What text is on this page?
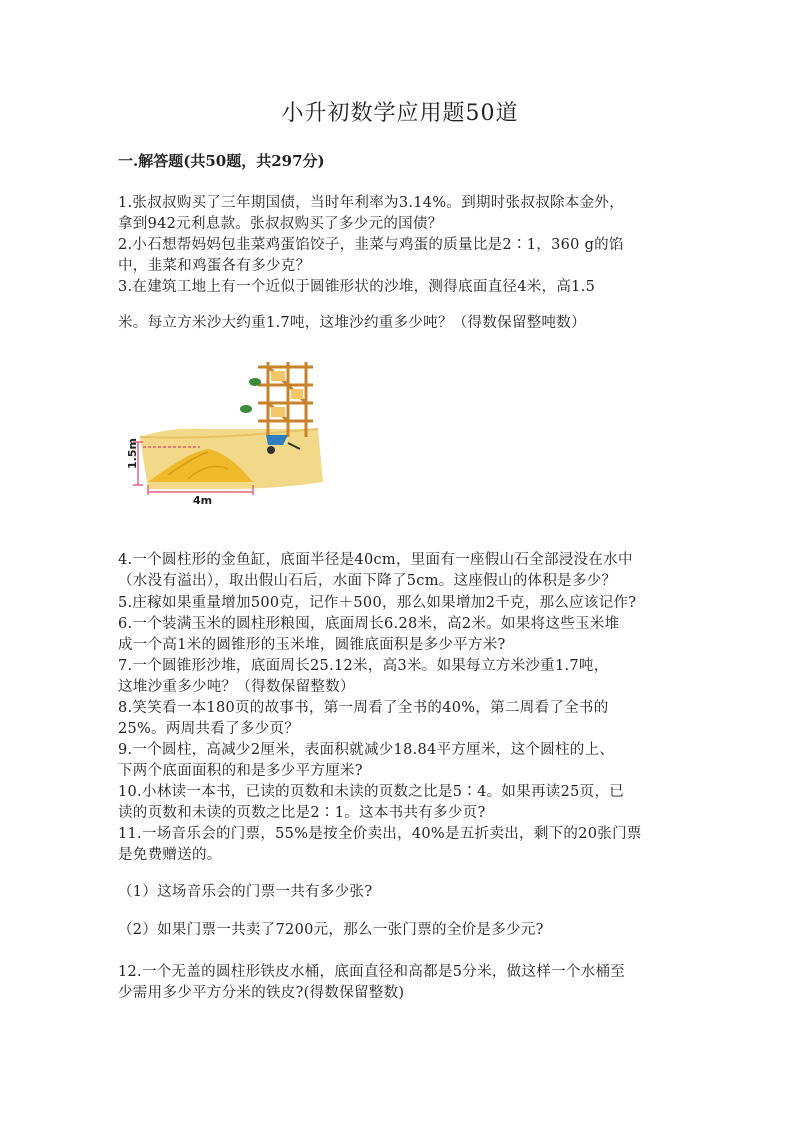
小升初数学应用题50道
一.解答题(共50题，共297分)
1.张叔叔购买了三年期国债，当时年利率为3.14%。到期时张叔叔除本金外，
拿到942元利息款。张叔叔购买了多少元的国债？
2.小石想帮妈妈包韭菜鸡蛋馅饺子，韭菜与鸡蛋的质量比是2∶1，360 g的馅
中，韭菜和鸡蛋各有多少克？
3.在建筑工地上有一个近似于圆锥形状的沙堆，测得底面直径4米，高1.5
米。每立方米沙大约重1.7吨，这堆沙约重多少吨？（得数保留整吨数）
1.5m
4m
4.一个圆柱形的金鱼缸，底面半径是40cm，里面有一座假山石全部浸没在水中
（水没有溢出），取出假山石后，水面下降了5cm。这座假山的体积是多少？
5.庄稼如果重量增加500克，记作＋500，那么如果增加2千克，那么应该记作?
6.一个装满玉米的圆柱形粮囤，底面周长6.28米，高2米。如果将这些玉米堆
成一个高1米的圆锥形的玉米堆，圆锥底面积是多少平方米?
7.一个圆锥形沙堆，底面周长25.12米，高3米。如果每立方米沙重1.7吨，
这堆沙重多少吨？（得数保留整数）
8.笑笑看一本180页的故事书，第一周看了全书的40%，第二周看了全书的
25%。两周共看了多少页？
9.一个圆柱，高减少2厘米，表面积就减少18.84平方厘米，这个圆柱的上、
下两个底面面积的和是多少平方厘米?
10.小林读一本书，已读的页数和未读的页数之比是5∶4。如果再读25页，已
读的页数和未读的页数之比是2∶1。这本书共有多少页?
11.一场音乐会的门票，55%是按全价卖出，40%是五折卖出，剩下的20张门票
是免费赠送的。
（1）这场音乐会的门票一共有多少张?
（2）如果门票一共卖了7200元，那么一张门票的全价是多少元?
12.一个无盖的圆柱形铁皮水桶，底面直径和高都是5分米，做这样一个水桶至
少需用多少平方分米的铁皮?(得数保留整数)
